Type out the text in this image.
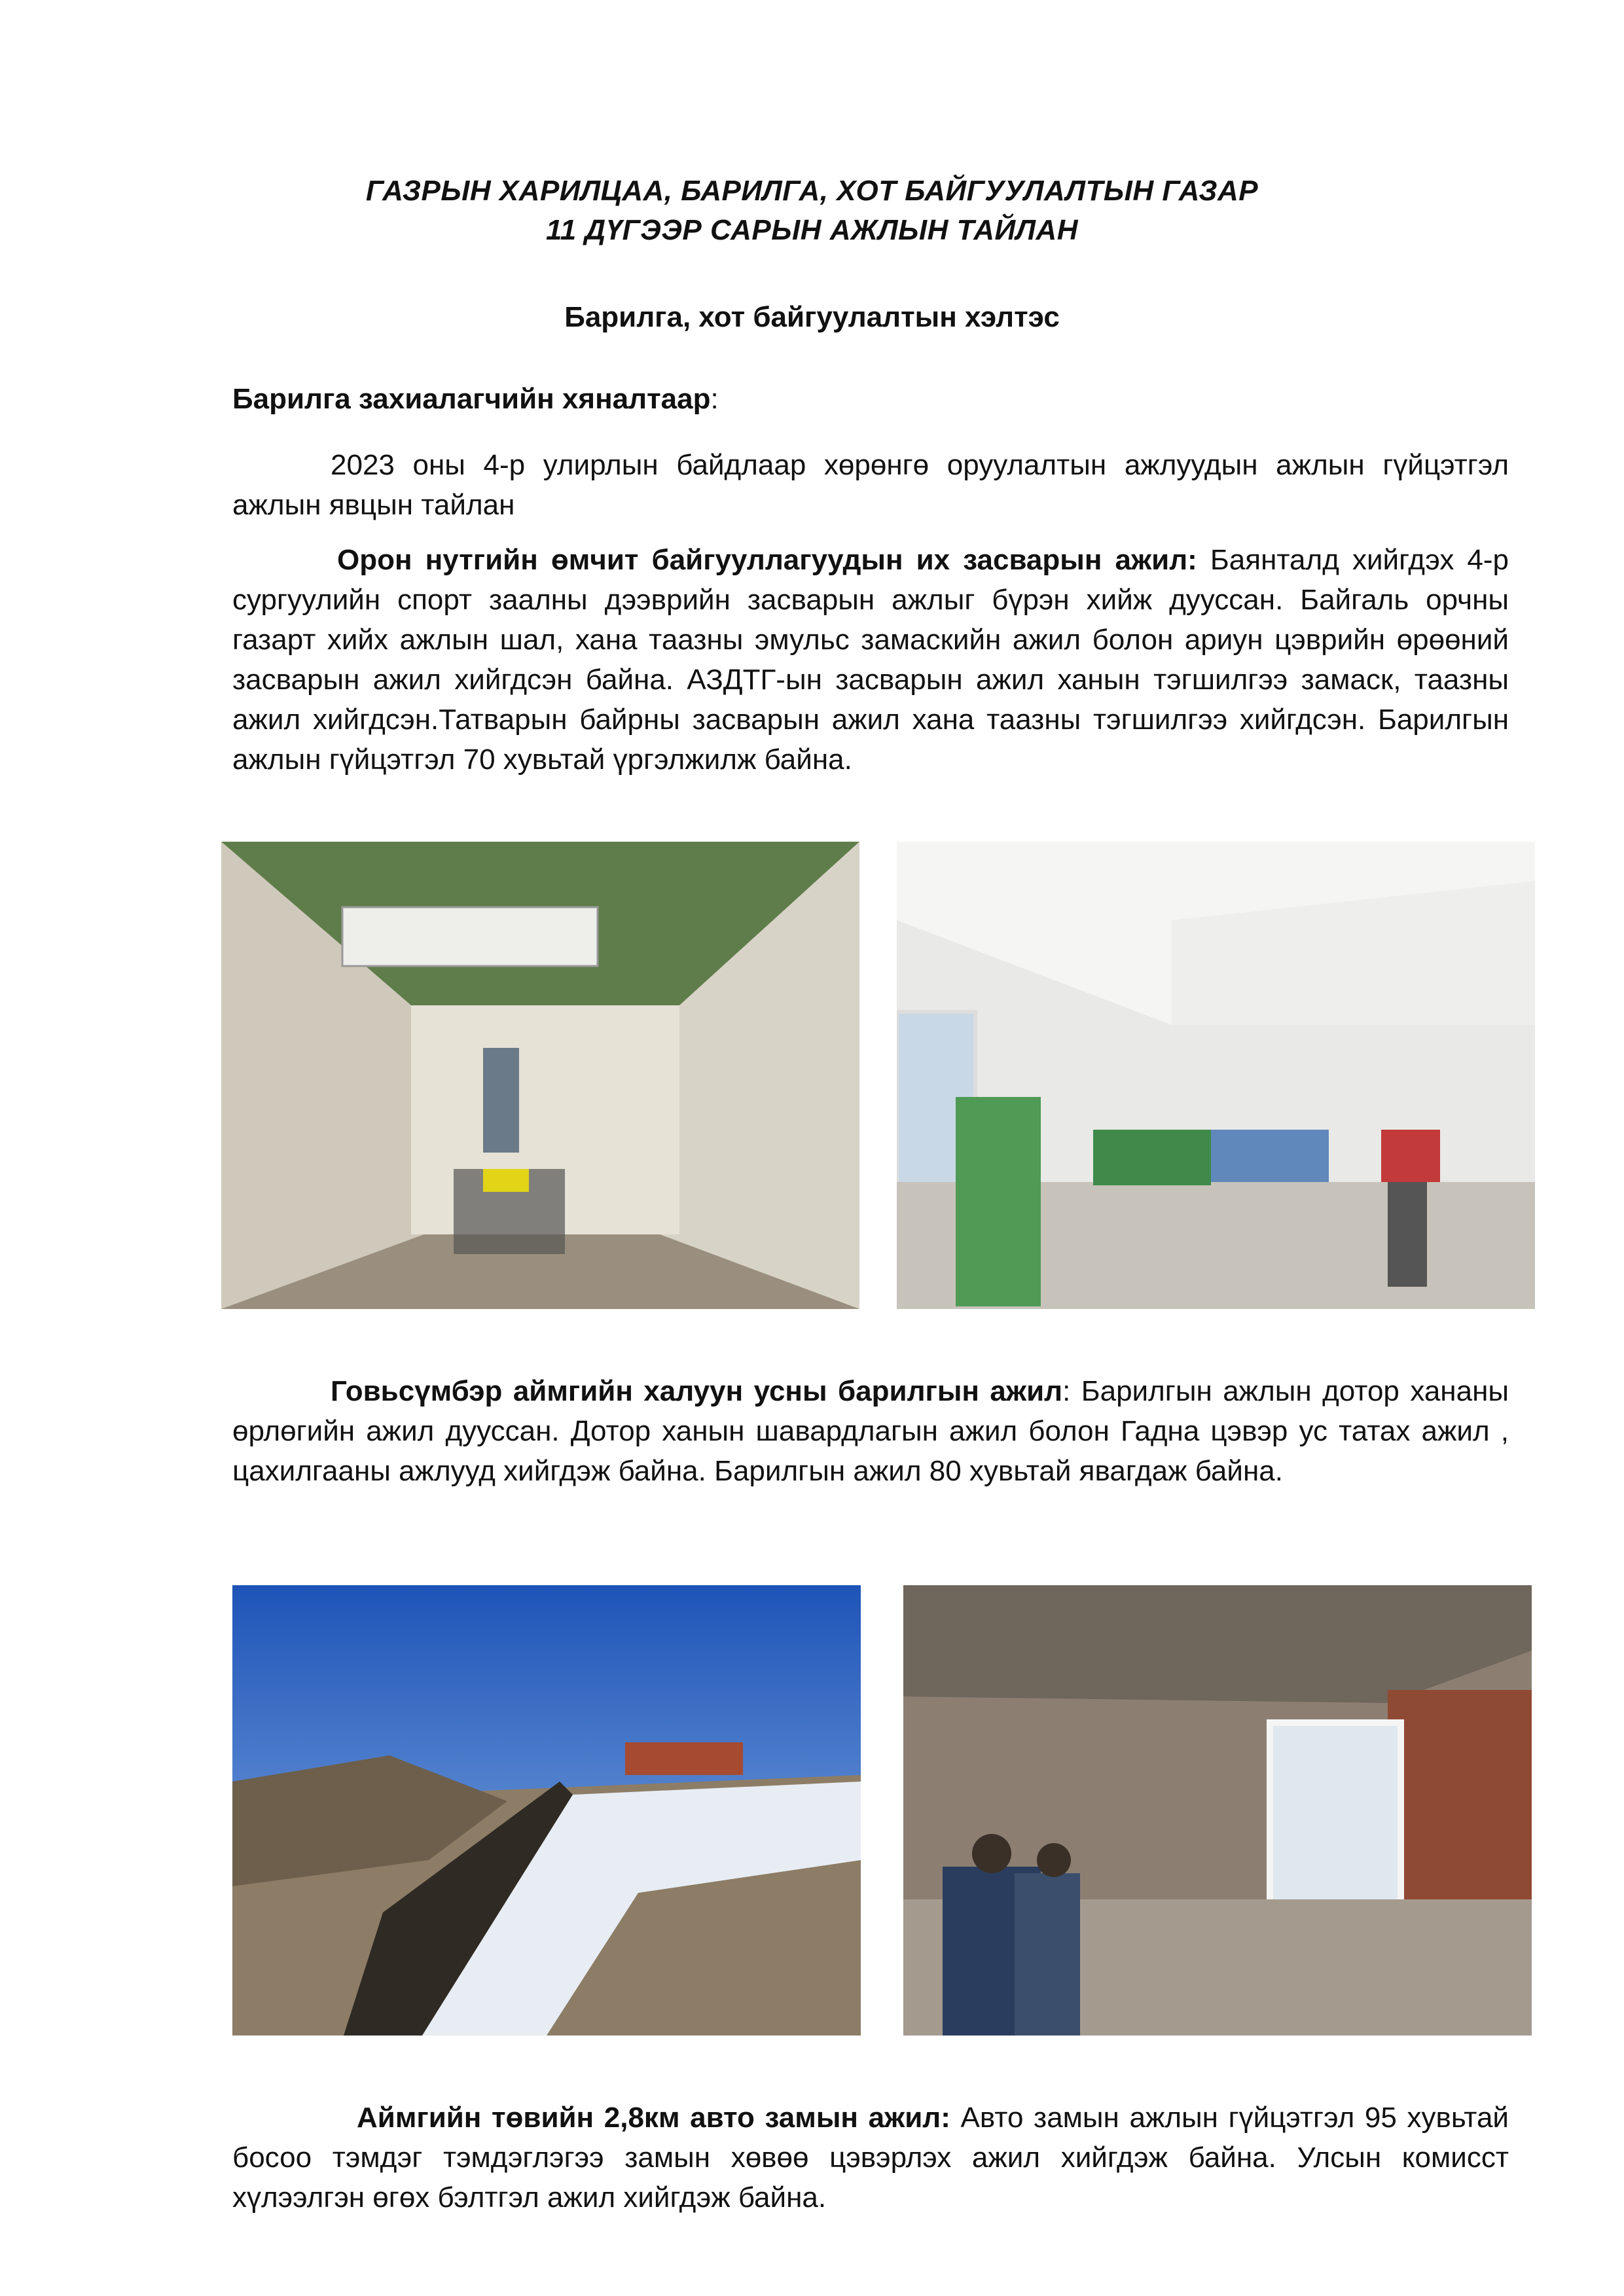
ГАЗРЫН ХАРИЛЦАА, БАРИЛГА, ХОТ БАЙГУУЛАЛТЫН ГАЗАР
11 ДҮГЭЭР САРЫН АЖЛЫН ТАЙЛАН
Барилга, хот байгуулалтын хэлтэс
Барилга захиалагчийн хяналтаар:
2023 оны 4-р улирлын байдлаар хөрөнгө оруулалтын ажлуудын ажлын гүйцэтгэл ажлын явцын тайлан
Орон нутгийн өмчит байгууллагуудын их засварын ажил: Баянталд хийгдэх 4-р сургуулийн спорт заалны дээврийн засварын ажлыг бүрэн хийж дууссан. Байгаль орчны газарт хийх ажлын шал, хана таазны эмульс замаскийн ажил болон ариун цэврийн өрөөний засварын ажил хийгдсэн байна. АЗДТГ-ын засварын ажил ханын тэгшилгээ замаск, таазны ажил хийгдсэн.Татварын байрны засварын ажил хана таазны тэгшилгээ хийгдсэн. Барилгын ажлын гүйцэтгэл 70 хувьтай үргэлжилж байна.
Говьсүмбэр аймгийн халуун усны барилгын ажил: Барилгын ажлын дотор хананы өрлөгийн ажил дууссан. Дотор ханын шавардлагын ажил болон Гадна цэвэр ус татах ажил , цахилгааны ажлууд хийгдэж байна. Барилгын ажил 80 хувьтай явагдаж байна.
Аймгийн төвийн 2,8км авто замын ажил: Авто замын ажлын гүйцэтгэл 95 хувьтай босоо тэмдэг тэмдэглэгээ замын хөвөө цэвэрлэх ажил хийгдэж байна. Улсын комисст хүлээлгэн өгөх бэлтгэл ажил хийгдэж байна.
